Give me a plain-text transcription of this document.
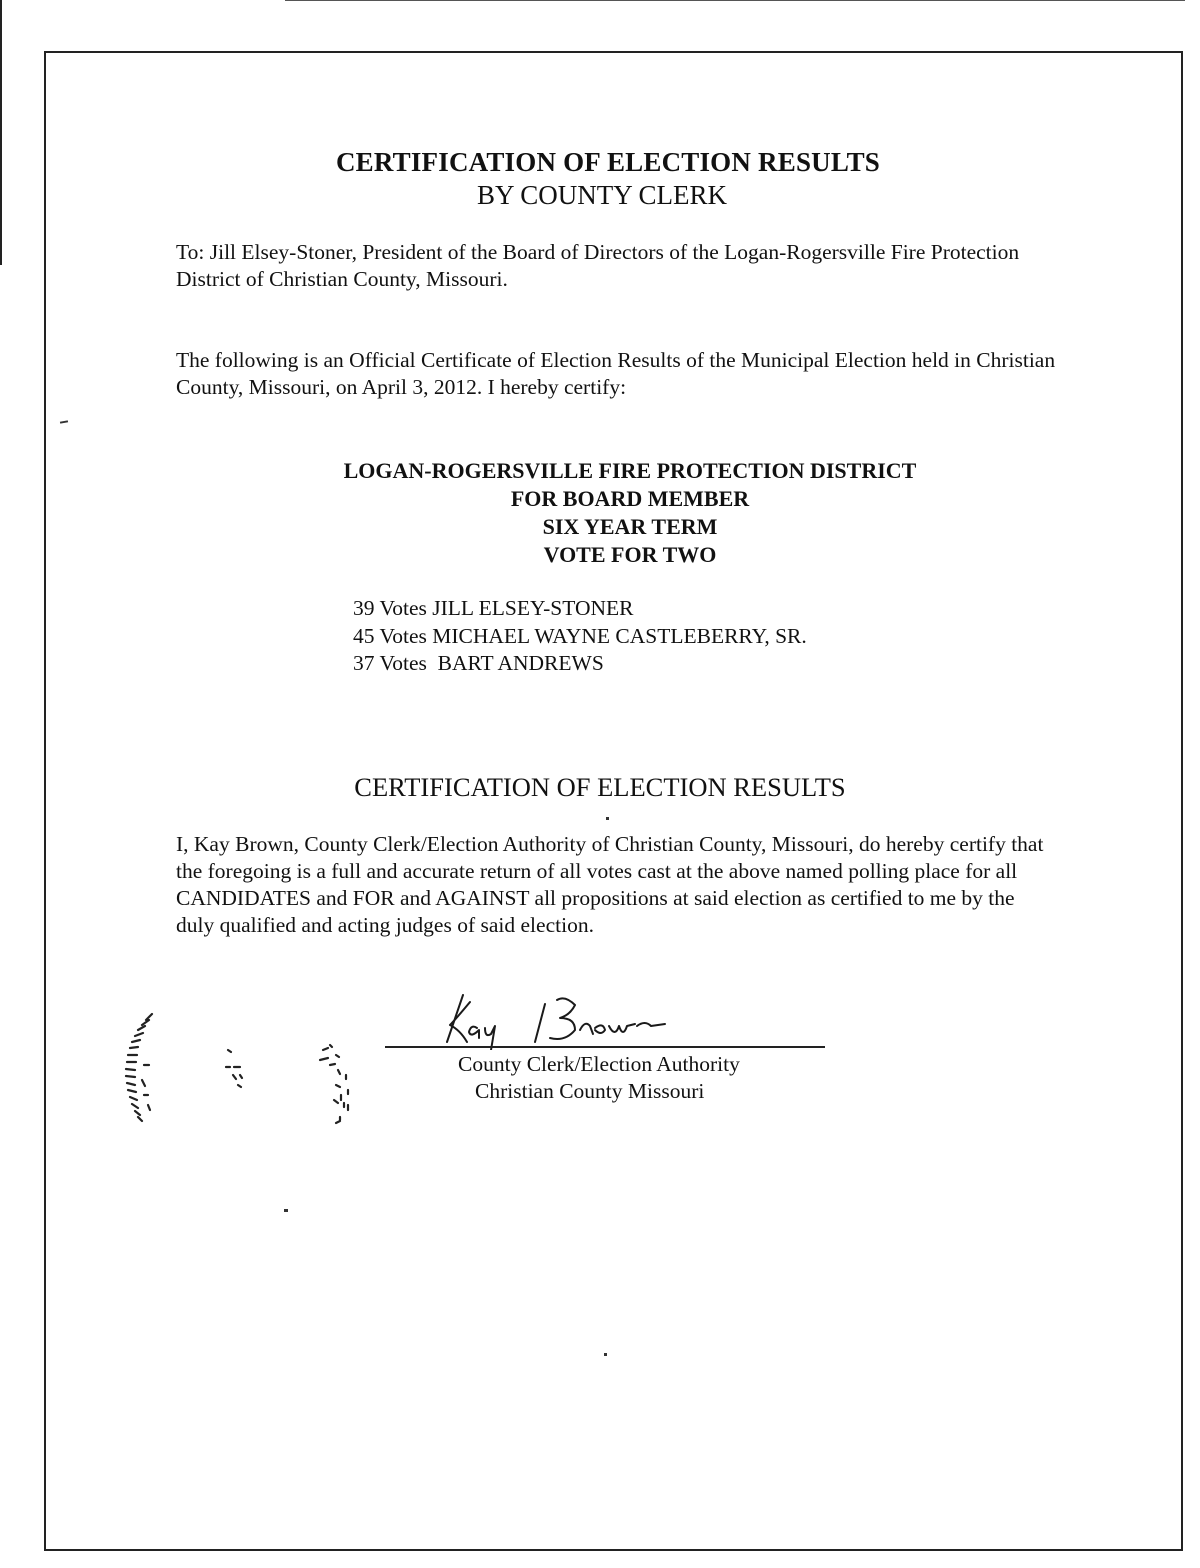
CERTIFICATION OF ELECTION RESULTS
BY COUNTY CLERK
To: Jill Elsey-Stoner, President of the Board of Directors of the Logan-Rogersville Fire Protection District of Christian County, Missouri.
The following is an Official Certificate of Election Results of the Municipal Election held in Christian County, Missouri, on April 3, 2012. I hereby certify:
LOGAN-ROGERSVILLE FIRE PROTECTION DISTRICT
FOR BOARD MEMBER
SIX YEAR TERM
VOTE FOR TWO
39 Votes JILL ELSEY-STONER
45 Votes MICHAEL WAYNE CASTLEBERRY, SR.
37 Votes  BART ANDREWS
CERTIFICATION OF ELECTION RESULTS
I, Kay Brown, County Clerk/Election Authority of Christian County, Missouri, do hereby certify that the foregoing is a full and accurate return of all votes cast at the above named polling place for all CANDIDATES and FOR and AGAINST all propositions at said election as certified to me by the duly qualified and acting judges of said election.
County Clerk/Election Authority
Christian County Missouri
